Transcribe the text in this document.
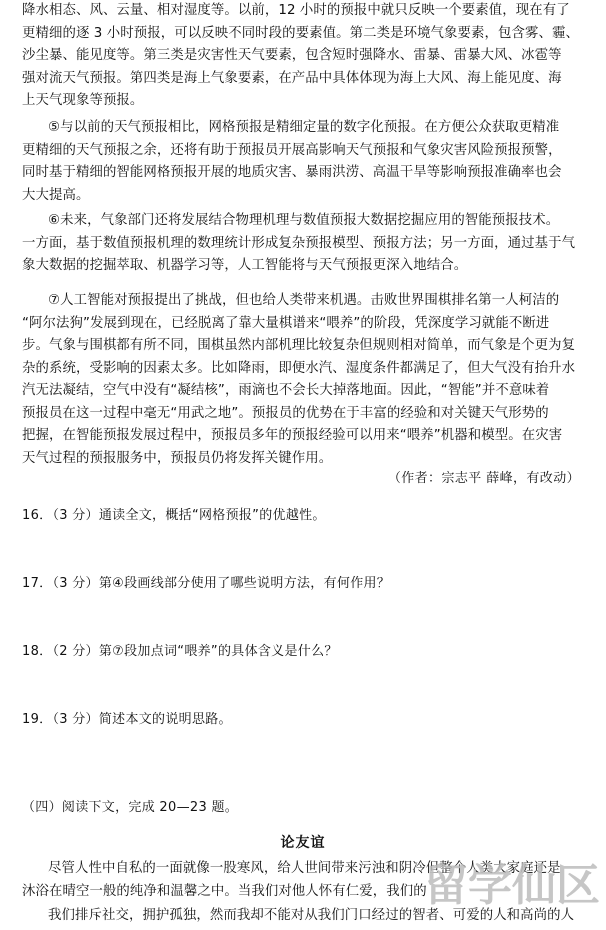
降水相态、风、云量、相对湿度等。以前，12 小时的预报中就只反映一个要素值，现在有了
更精细的逐 3 小时预报，可以反映不同时段的要素值。第二类是环境气象要素，包含雾、霾、
沙尘暴、能见度等。第三类是灾害性天气要素，包含短时强降水、雷暴、雷暴大风、冰雹等
强对流天气预报。第四类是海上气象要素，在产品中具体体现为海上大风、海上能见度、海
上天气现象等预报。
⑤与以前的天气预报相比，网格预报是精细定量的数字化预报。在方便公众获取更精准
更精细的天气预报之余，还将有助于预报员开展高影响天气预报和气象灾害风险预报预警，
同时基于精细的智能网格预报开展的地质灾害、暴雨洪涝、高温干旱等影响预报准确率也会
大大提高。
⑥未来，气象部门还将发展结合物理机理与数值预报大数据挖掘应用的智能预报技术。
一方面，基于数值预报机理的数理统计形成复杂预报模型、预报方法；另一方面，通过基于气
象大数据的挖掘萃取、机器学习等，人工智能将与天气预报更深入地结合。
⑦人工智能对预报提出了挑战，但也给人类带来机遇。击败世界围棋排名第一人柯洁的
“阿尔法狗”发展到现在，已经脱离了靠大量棋谱来“喂养”的阶段，凭深度学习就能不断进
步。气象与围棋都有所不同，围棋虽然内部机理比较复杂但规则相对简单，而气象是个更为复
杂的系统，受影响的因素太多。比如降雨，即便水汽、湿度条件都满足了，但大气没有抬升水
汽无法凝结，空气中没有“凝结核”，雨滴也不会长大掉落地面。因此，“智能”并不意味着
预报员在这一过程中毫无“用武之地”。预报员的优势在于丰富的经验和对关键天气形势的
把握，在智能预报发展过程中，预报员多年的预报经验可以用来“喂养”机器和模型。在灾害
天气过程的预报服务中，预报员仍将发挥关键作用。
（作者：宗志平 薛峰，有改动）
16．（3 分）通读全文，概括“网格预报”的优越性。
17．（3 分）第④段画线部分使用了哪些说明方法，有何作用？
18．（2 分）第⑦段加点词“喂养”的具体含义是什么？
19．（3 分）简述本文的说明思路。
（四）阅读下文，完成 20—23 题。
论友谊
尽管人性中自私的一面就像一股寒风，给人世间带来污浊和阴冷但整个人类大家庭还是
沐浴在晴空一般的纯净和温馨之中。当我们对他人怀有仁爱，我们的
我们排斥社交，拥护孤独，然而我却不能对从我们门口经过的智者、可爱的人和高尚的人
留学仙区
